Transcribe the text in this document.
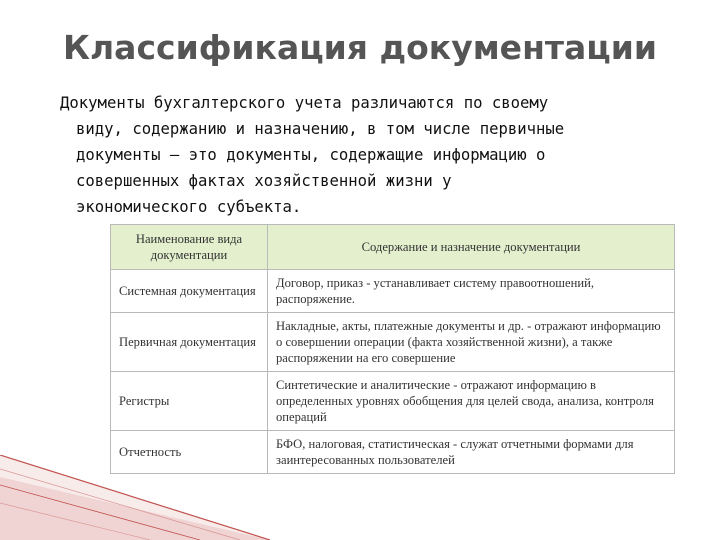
Классификация документации
Документы бухгалтерского учета различаются по своему
виду, содержанию и назначению, в том числе первичные
документы – это документы, содержащие информацию о
совершенных фактах хозяйственной жизни у
экономического субъекта.
Наименование вида документации	Содержание и назначение документации
Системная документация	Договор, приказ - устанавливает систему правоотношений, распоряжение.
Первичная документация	Накладные, акты, платежные документы и др. - отражают информацию о совершении операции (факта хозяйственной жизни), а также распоряжении на его совершение
Регистры	Синтетические и аналитические - отражают информацию в определенных уровнях обобщения для целей свода, анализа, контроля операций
Отчетность	БФО, налоговая, статистическая - служат отчетными формами для заинтересованных пользователей
